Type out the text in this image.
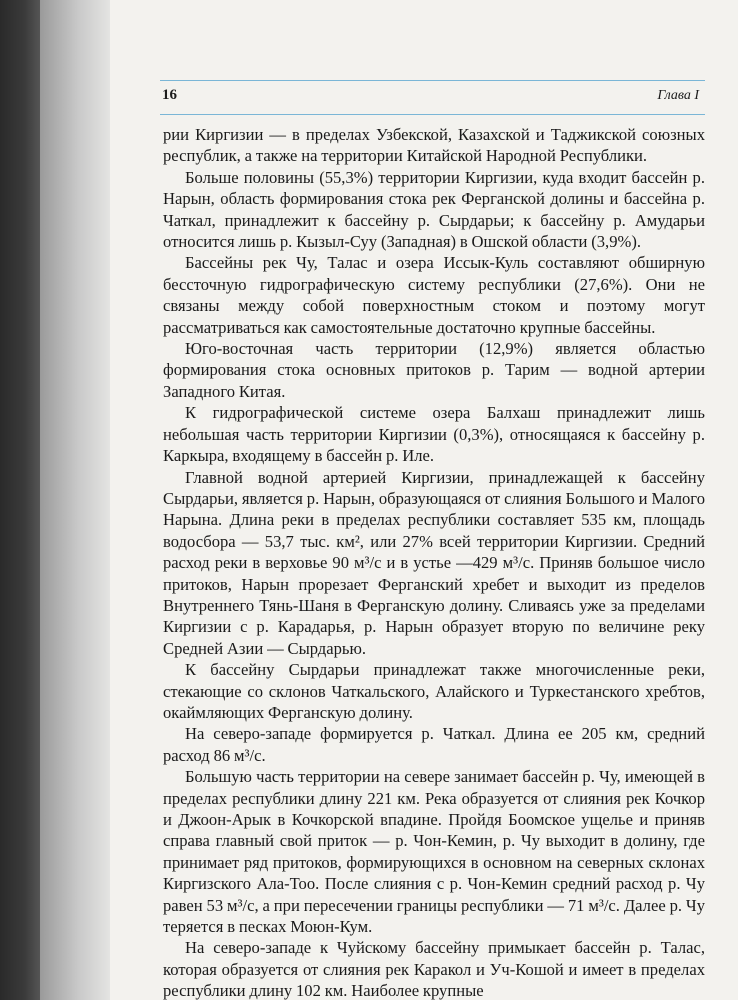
16	Глава I

рии Киргизии — в пределах Узбекской, Казахской и Таджикской союзных республик, а также на территории Китайской Народной Республики.

Больше половины (55,3%) территории Киргизии, куда входит бассейн р. Нарын, область формирования стока рек Ферганской долины и бассейна р. Чаткал, принадлежит к бассейну р. Сырдарьи; к бассейну р. Амударьи относится лишь р. Кызыл-Суу (Западная) в Ошской области (3,9%).

Бассейны рек Чу, Талас и озера Иссык-Куль составляют обширную бессточную гидрографическую систему республики (27,6%). Они не связаны между собой поверхностным стоком и поэтому могут рассматриваться как самостоятельные достаточно крупные бассейны.

Юго-восточная часть территории (12,9%) является областью формирования стока основных притоков р. Тарим — водной артерии Западного Китая.

К гидрографической системе озера Балхаш принадлежит лишь небольшая часть территории Киргизии (0,3%), относящаяся к бассейну р. Каркыра, входящему в бассейн р. Иле.

Главной водной артерией Киргизии, принадлежащей к бассейну Сырдарьи, является р. Нарын, образующаяся от слияния Большого и Малого Нарына. Длина реки в пределах республики составляет 535 км, площадь водосбора — 53,7 тыс. км², или 27% всей территории Киргизии. Средний расход реки в верховье 90 м³/с и в устье —429 м³/с. Приняв большое число притоков, Нарын прорезает Ферганский хребет и выходит из пределов Внутреннего Тянь-Шаня в Ферганскую долину. Сливаясь уже за пределами Киргизии с р. Карадарья, р. Нарын образует вторую по величине реку Средней Азии — Сырдарью.

К бассейну Сырдарьи принадлежат также многочисленные реки, стекающие со склонов Чаткальского, Алайского и Туркестанского хребтов, окаймляющих Ферганскую долину.

На северо-западе формируется р. Чаткал. Длина ее 205 км, средний расход 86 м³/с.

Большую часть территории на севере занимает бассейн р. Чу, имеющей в пределах республики длину 221 км. Река образуется от слияния рек Кочкор и Джоон-Арык в Кочкорской впадине. Пройдя Боомское ущелье и приняв справа главный свой приток — р. Чон-Кемин, р. Чу выходит в долину, где принимает ряд притоков, формирующихся в основном на северных склонах Киргизского Ала-Тоо. После слияния с р. Чон-Кемин средний расход р. Чу равен 53 м³/с, а при пересечении границы республики — 71 м³/с. Далее р. Чу теряется в песках Моюн-Кум.

На северо-западе к Чуйскому бассейну примыкает бассейн р. Талас, которая образуется от слияния рек Каракол и Уч-Кошой и имеет в пределах республики длину 102 км. Наиболее крупные
